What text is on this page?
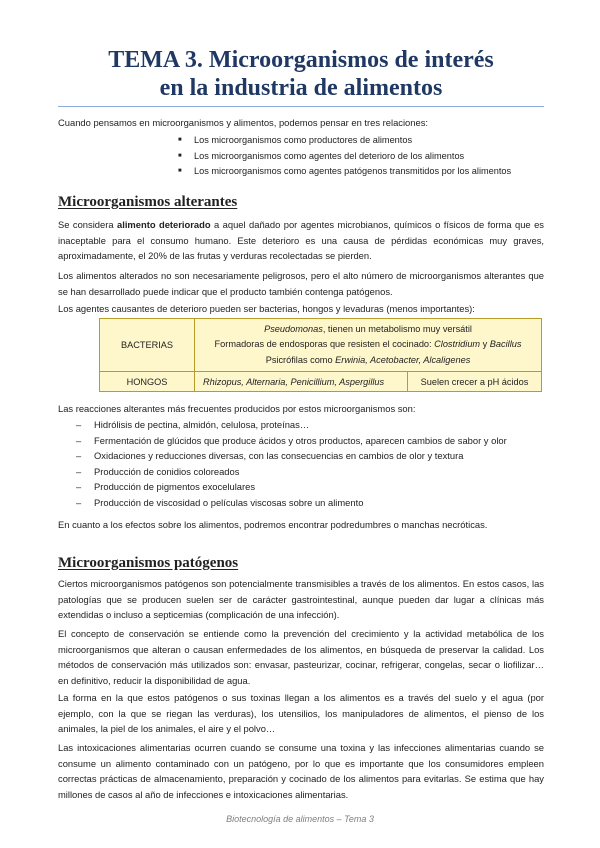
TEMA 3. Microorganismos de interés
en la industria de alimentos

Cuando pensamos en microorganismos y alimentos, podemos pensar en tres relaciones:

■ Los microorganismos como productores de alimentos
■ Los microorganismos como agentes del deterioro de los alimentos
■ Los microorganismos como agentes patógenos transmitidos por los alimentos
Microorganismos alterantes

Se considera alimento deteriorado a aquel dañado por agentes microbianos, químicos o físicos de forma que es inaceptable para el consumo humano. Este deterioro es una causa de pérdidas económicas muy graves, aproximadamente, el 20% de las frutas y verduras recolectadas se pierden.

Los alimentos alterados no son necesariamente peligrosos, pero el alto número de microorganismos alterantes que se han desarrollado puede indicar que el producto también contenga patógenos.

Los agentes causantes de deterioro pueden ser bacterias, hongos y levaduras (menos importantes):

BACTERIAS	Pseudomonas, tienen un metabolismo muy versátil
Formadoras de endosporas que resisten el cocinado: Clostridium y Bacillus
Psicrófilas como Erwinia, Acetobacter, Alcaligenes	

HONGOS	Rhizopus, Alternaria, Penicillium, Aspergillus	Suelen crecer a pH ácidos

Las reacciones alterantes más frecuentes producidos por estos microorganismos son:

– Hidrólisis de pectina, almidón, celulosa, proteínas…
– Fermentación de glúcidos que produce ácidos y otros productos, aparecen cambios de sabor y olor
– Oxidaciones y reducciones diversas, con las consecuencias en cambios de olor y textura
– Producción de conidios coloreados
– Producción de pigmentos exocelulares
– Producción de viscosidad o películas viscosas sobre un alimento

En cuanto a los efectos sobre los alimentos, podremos encontrar podredumbres o manchas necróticas.

Microorganismos patógenos

Ciertos microorganismos patógenos son potencialmente transmisibles a través de los alimentos. En estos casos, las patologías que se producen suelen ser de carácter gastrointestinal, aunque pueden dar lugar a clínicas más extendidas o incluso a septicemias (complicación de una infección).

El concepto de conservación se entiende como la prevención del crecimiento y la actividad metabólica de los microorganismos que alteran o causan enfermedades de los alimentos, en búsqueda de preservar la calidad. Los métodos de conservación más utilizados son: envasar, pasteurizar, cocinar, refrigerar, congelas, secar o liofilizar… en definitivo, reducir la disponibilidad de agua.

La forma en la que estos patógenos o sus toxinas llegan a los alimentos es a través del suelo y el agua (por ejemplo, con la que se riegan las verduras), los utensilios, los manipuladores de alimentos, el pienso de los animales, la piel de los animales, el aire y el polvo…

Las intoxicaciones alimentarias ocurren cuando se consume una toxina y las infecciones alimentarias cuando se consume un alimento contaminado con un patógeno, por lo que es importante que los consumidores empleen correctas prácticas de almacenamiento, preparación y cocinado de los alimentos para evitarlas. Se estima que hay millones de casos al año de infecciones e intoxicaciones alimentarias.

Biotecnología de alimentos – Tema 3
